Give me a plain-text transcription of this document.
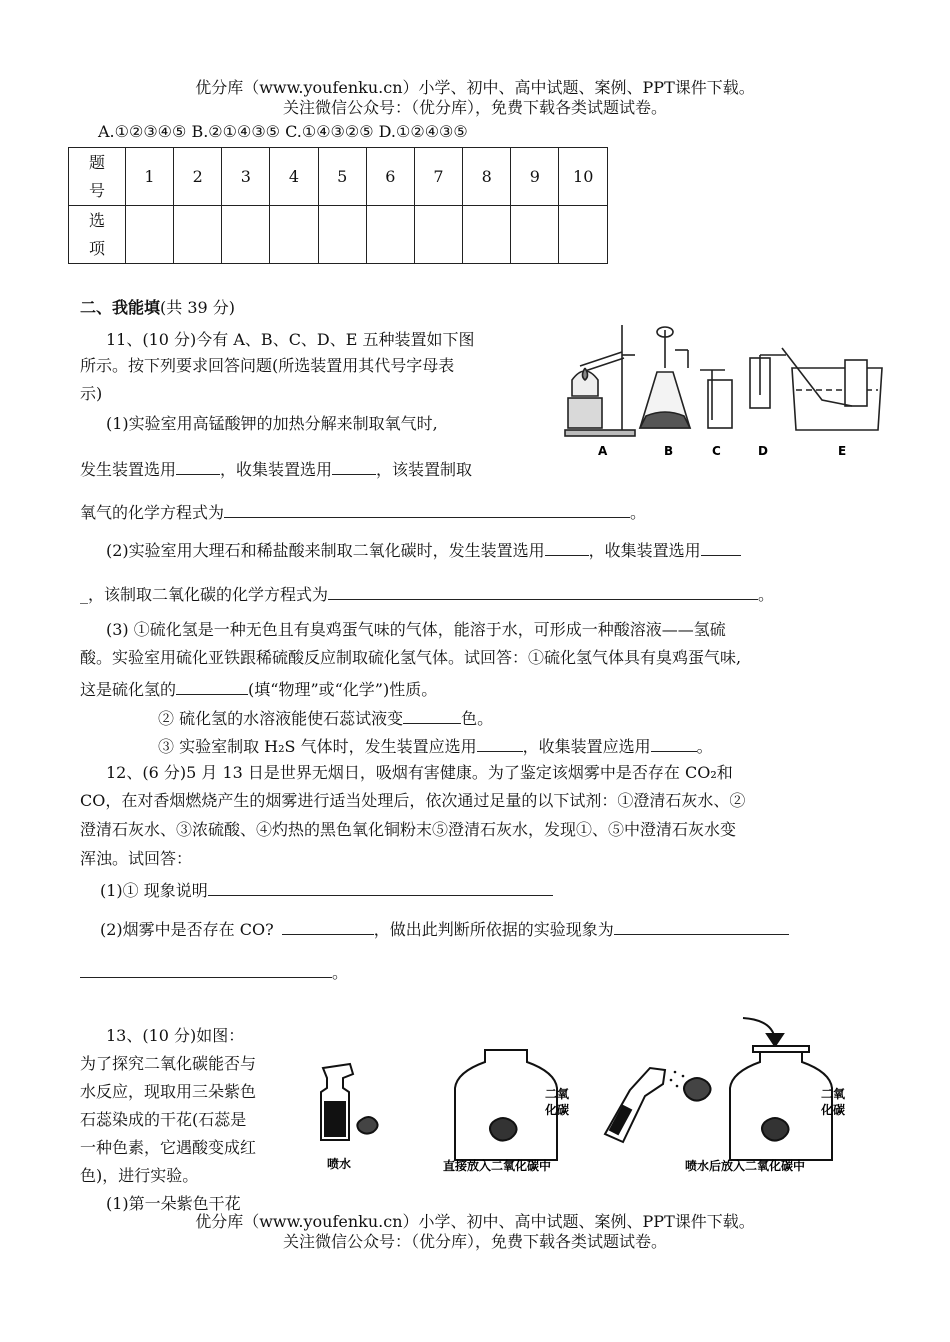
优分库（www.youfenku.cn）小学、初中、高中试题、案例、PPT课件下载。
关注微信公众号：（优分库），免费下载各类试题试卷。
A.①②③④⑤ B.②①④③⑤ C.①④③②⑤ D.①②④③⑤
题号	1	2	3	4	5	6	7	8	9	10
选项										
二、我能填(共 39 分)
11、(10 分)今有 A、B、C、D、E 五种装置如下图
所示。按下列要求回答问题(所选装置用其代号字母表
示)
(1)实验室用高锰酸钾的加热分解来制取氧气时,
发生装置选用	，收集装置选用	，该装置制取
氧气的化学方程式为	。
A	B	C	D	E
(2)实验室用大理石和稀盐酸来制取二氧化碳时，发生装置选用	，收集装置选用
_，该制取二氧化碳的化学方程式为	。
(3) ①硫化氢是一种无色且有臭鸡蛋气味的气体，能溶于水，可形成一种酸溶液——氢硫
酸。实验室用硫化亚铁跟稀硫酸反应制取硫化氢气体。试回答：①硫化氢气体具有臭鸡蛋气味,
这是硫化氢的	(填“物理”或“化学”)性质。
② 硫化氢的水溶液能使石蕊试液变	色。
③ 实验室制取 H₂S 气体时，发生装置应选用	，收集装置应选用	。
12、(6 分)5 月 13 日是世界无烟日，吸烟有害健康。为了鉴定该烟雾中是否存在 CO₂和
CO，在对香烟燃烧产生的烟雾进行适当处理后，依次通过足量的以下试剂：①澄清石灰水、②
澄清石灰水、③浓硫酸、④灼热的黑色氧化铜粉末⑤澄清石灰水，发现①、⑤中澄清石灰水变
浑浊。试回答：
(1)① 现象说明
(2)烟雾中是否存在 CO?	，做出此判断所依据的实验现象为
。
13、(10 分)如图：
为了探究二氧化碳能否与
水反应，现取用三朵紫色
石蕊染成的干花(石蕊是
一种色素，它遇酸变成红
色)，进行实验。
(1)第一朵紫色干花
二氧
化碳
二氧
化碳
喷水	直接放入二氧化碳中	喷水后放入二氧化碳中
优分库（www.youfenku.cn）小学、初中、高中试题、案例、PPT课件下载。
关注微信公众号：（优分库），免费下载各类试题试卷。
